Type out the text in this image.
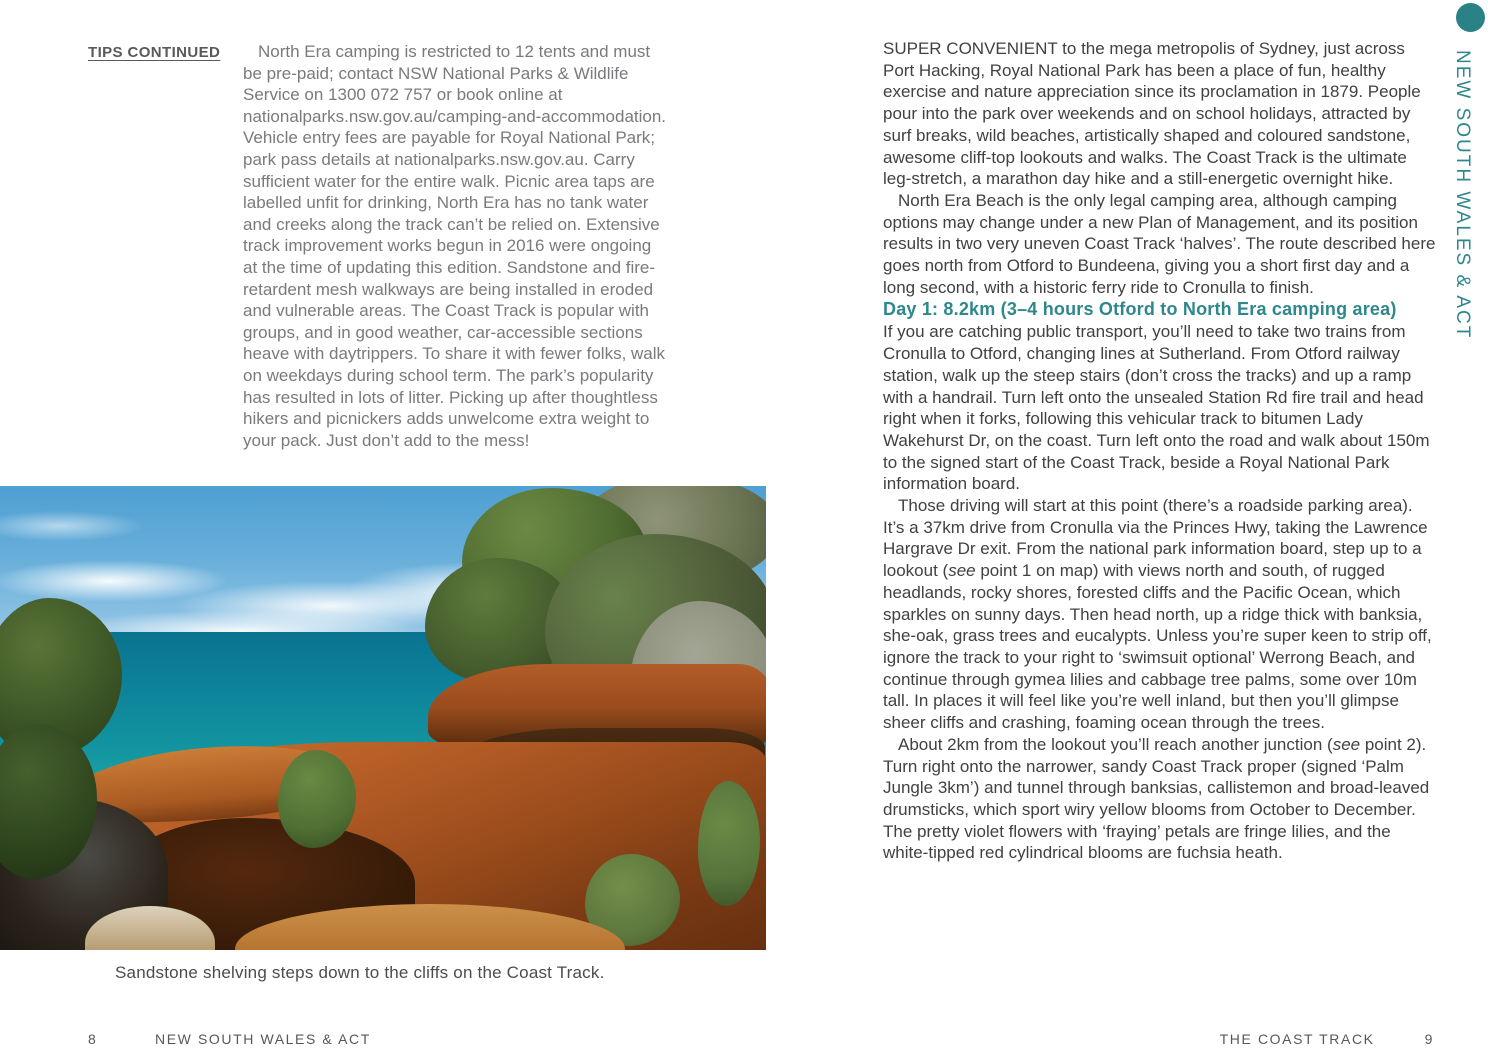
TIPS CONTINUED	North Era camping is restricted to 12 tents and must be pre-paid; contact NSW National Parks & Wildlife Service on 1300 072 757 or book online at nationalparks.nsw.gov.au/camping-and-accommodation. Vehicle entry fees are payable for Royal National Park; park pass details at nationalparks.nsw.gov.au. Carry sufficient water for the entire walk. Picnic area taps are labelled unfit for drinking, North Era has no tank water and creeks along the track can’t be relied on. Extensive track improvement works begun in 2016 were ongoing at the time of updating this edition. Sandstone and fire-retardent mesh walkways are being installed in eroded and vulnerable areas. The Coast Track is popular with groups, and in good weather, car-accessible sections heave with daytrippers. To share it with fewer folks, walk on weekdays during school term. The park’s popularity has resulted in lots of litter. Picking up after thoughtless hikers and picnickers adds unwelcome extra weight to your pack. Just don’t add to the mess!
Sandstone shelving steps down to the cliffs on the Coast Track.
8	NEW SOUTH WALES & ACT

SUPER CONVENIENT to the mega metropolis of Sydney, just across Port Hacking, Royal National Park has been a place of fun, healthy exercise and nature appreciation since its proclamation in 1879. People pour into the park over weekends and on school holidays, attracted by surf breaks, wild beaches, artistically shaped and coloured sandstone, awesome cliff-top lookouts and walks. The Coast Track is the ultimate leg-stretch, a marathon day hike and a still-energetic overnight hike.

North Era Beach is the only legal camping area, although camping options may change under a new Plan of Management, and its position results in two very uneven Coast Track ‘halves’. The route described here goes north from Otford to Bundeena, giving you a short first day and a long second, with a historic ferry ride to Cronulla to finish.

Day 1: 8.2km (3–4 hours Otford to North Era camping area)

If you are catching public transport, you’ll need to take two trains from Cronulla to Otford, changing lines at Sutherland. From Otford railway station, walk up the steep stairs (don’t cross the tracks) and up a ramp with a handrail. Turn left onto the unsealed Station Rd fire trail and head right when it forks, following this vehicular track to bitumen Lady Wakehurst Dr, on the coast. Turn left onto the road and walk about 150m to the signed start of the Coast Track, beside a Royal National Park information board.

Those driving will start at this point (there’s a roadside parking area). It’s a 37km drive from Cronulla via the Princes Hwy, taking the Lawrence Hargrave Dr exit. From the national park information board, step up to a lookout (see point 1 on map) with views north and south, of rugged headlands, rocky shores, forested cliffs and the Pacific Ocean, which sparkles on sunny days. Then head north, up a ridge thick with banksia, she-oak, grass trees and eucalypts. Unless you’re super keen to strip off, ignore the track to your right to ‘swimsuit optional’ Werrong Beach, and continue through gymea lilies and cabbage tree palms, some over 10m tall. In places it will feel like you’re well inland, but then you’ll glimpse sheer cliffs and crashing, foaming ocean through the trees.

About 2km from the lookout you’ll reach another junction (see point 2). Turn right onto the narrower, sandy Coast Track proper (signed ‘Palm Jungle 3km’) and tunnel through banksias, callistemon and broad-leaved drumsticks, which sport wiry yellow blooms from October to December. The pretty violet flowers with ‘fraying’ petals are fringe lilies, and the white-tipped red cylindrical blooms are fuchsia heath.

NEW SOUTH WALES & ACT
THE COAST TRACK	9
